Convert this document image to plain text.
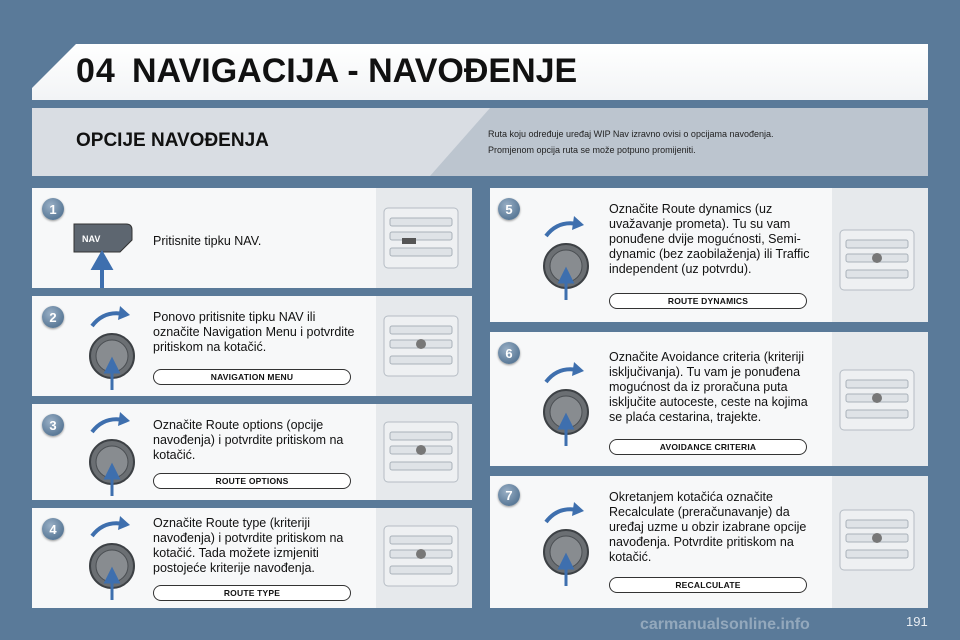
04 NAVIGACIJA - NAVOĐENJE
OPCIJE NAVOĐENJA	Ruta koju određuje uređaj WIP Nav izravno ovisi o opcijama navođenja.
Promjenom opcija ruta se može potpuno promijeniti.
1
NAV	Pritisnite tipku NAV.
2	Ponovo pritisnite tipku NAV ili označite Navigation Menu i potvrdite pritiskom na kotačić.
NAVIGATION MENU
3	Označite Route options (opcije navođenja) i potvrdite pritiskom na kotačić.
ROUTE OPTIONS
4	Označite Route type (kriteriji navođenja) i potvrdite pritiskom na kotačić. Tada možete izmjeniti postojeće kriterije navođenja.
ROUTE TYPE
5	Označite Route dynamics (uz uvažavanje prometa). Tu su vam ponuđene dvije mogućnosti, Semi-dynamic (bez zaobilaženja) ili Traffic independent (uz potvrdu).
ROUTE DYNAMICS
6	Označite Avoidance criteria (kriteriji isključivanja). Tu vam je ponuđena mogućnost da iz proračuna puta isključite autoceste, ceste na kojima se plaća cestarina, trajekte.
AVOIDANCE CRITERIA
7	Okretanjem kotačića označite Recalculate (preračunavanje) da uređaj uzme u obzir izabrane opcije navođenja. Potvrdite pritiskom na kotačić.
RECALCULATE
carmanualsonline.info	191
